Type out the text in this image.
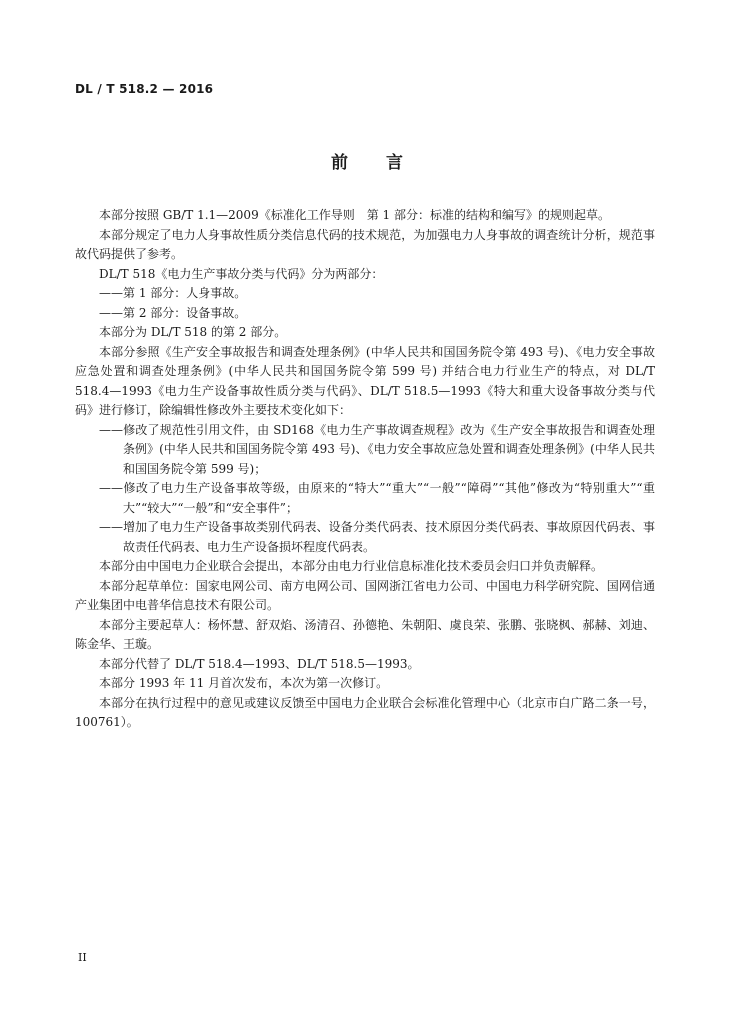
DL / T 518.2 — 2016
前言

本部分按照 GB/T 1.1—2009《标准化工作导则　第 1 部分：标准的结构和编写》的规则起草。

本部分规定了电力人身事故性质分类信息代码的技术规范，为加强电力人身事故的调查统计分析，规范事故代码提供了参考。

DL/T 518《电力生产事故分类与代码》分为两部分：

——第 1 部分：人身事故。

——第 2 部分：设备事故。

本部分为 DL/T 518 的第 2 部分。

本部分参照《生产安全事故报告和调查处理条例》(中华人民共和国国务院令第 493 号)、《电力安全事故应急处置和调查处理条例》(中华人民共和国国务院令第 599 号) 并结合电力行业生产的特点，对 DL/T 518.4—1993《电力生产设备事故性质分类与代码》、DL/T 518.5—1993《特大和重大设备事故分类与代码》进行修订，除编辑性修改外主要技术变化如下：

——修改了规范性引用文件，由 SD168《电力生产事故调查规程》改为《生产安全事故报告和调查处理条例》(中华人民共和国国务院令第 493 号)、《电力安全事故应急处置和调查处理条例》(中华人民共和国国务院令第 599 号)；

——修改了电力生产设备事故等级，由原来的“特大”“重大”“一般”“障碍”“其他”修改为“特别重大”“重大”“较大”“一般”和“安全事件”；

——增加了电力生产设备事故类别代码表、设备分类代码表、技术原因分类代码表、事故原因代码表、事故责任代码表、电力生产设备损坏程度代码表。

本部分由中国电力企业联合会提出，本部分由电力行业信息标准化技术委员会归口并负责解释。

本部分起草单位：国家电网公司、南方电网公司、国网浙江省电力公司、中国电力科学研究院、国网信通产业集团中电普华信息技术有限公司。

本部分主要起草人：杨怀慧、舒双焰、汤清召、孙德艳、朱朝阳、虞良荣、张鹏、张晓枫、郝赫、刘迪、陈金华、王璇。

本部分代替了 DL/T 518.4—1993、DL/T 518.5—1993。

本部分 1993 年 11 月首次发布，本次为第一次修订。

本部分在执行过程中的意见或建议反馈至中国电力企业联合会标准化管理中心（北京市白广路二条一号，100761）。

II
